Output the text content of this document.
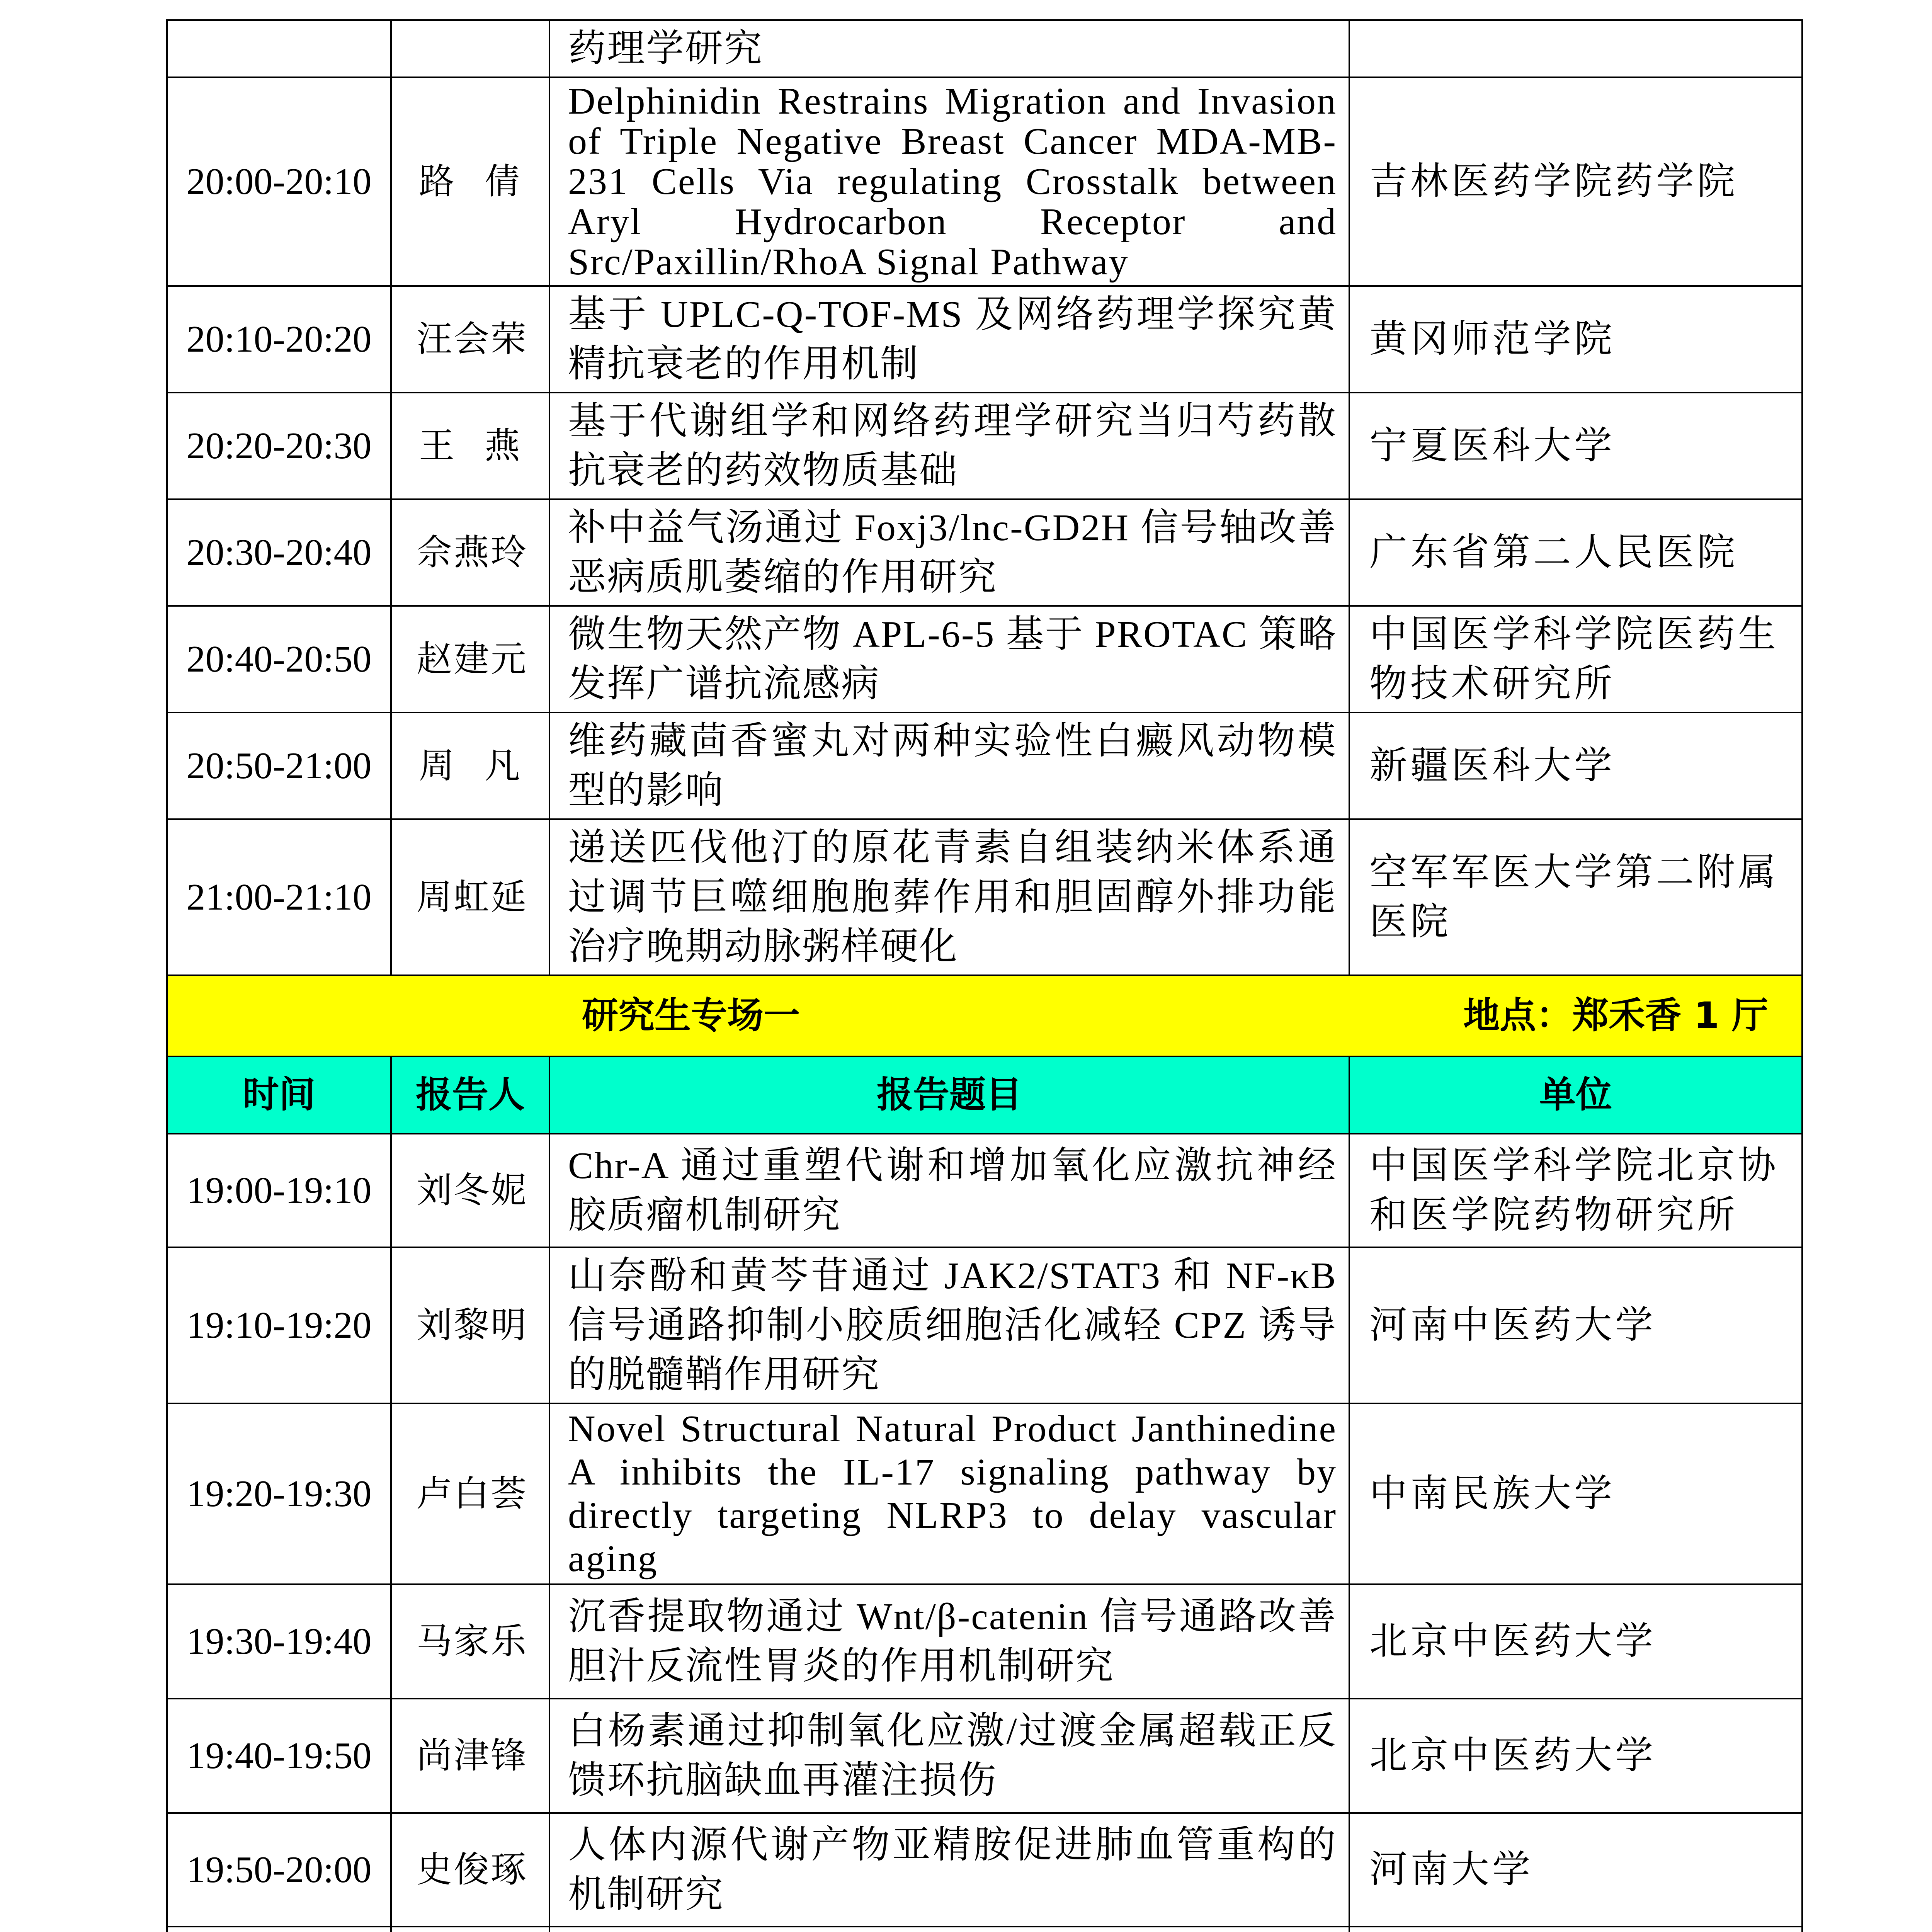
		药理学研究	
20:00-20:10	路 倩	Delphinidin Restrains Migration and Invasion of Triple Negative Breast Cancer MDA-MB-231 Cells Via regulating Crosstalk between Aryl Hydrocarbon Receptor and Src/Paxillin/RhoA Signal Pathway	吉林医药学院药学院
20:10-20:20	汪会荣	基于 UPLC-Q-TOF-MS 及网络药理学探究黄精抗衰老的作用机制	黄冈师范学院
20:20-20:30	王 燕	基于代谢组学和网络药理学研究当归芍药散抗衰老的药效物质基础	宁夏医科大学
20:30-20:40	佘燕玲	补中益气汤通过 Foxj3/lnc-GD2H 信号轴改善恶病质肌萎缩的作用研究	广东省第二人民医院
20:40-20:50	赵建元	微生物天然产物 APL-6-5 基于 PROTAC 策略发挥广谱抗流感病	中国医学科学院医药生物技术研究所
20:50-21:00	周 凡	维药藏茴香蜜丸对两种实验性白癜风动物模型的影响	新疆医科大学
21:00-21:10	周虹延	递送匹伐他汀的原花青素自组装纳米体系通过调节巨噬细胞胞葬作用和胆固醇外排功能治疗晚期动脉粥样硬化	空军军医大学第二附属医院
研究生专场一 地点：郑禾香 1 厅			

时间	报告人	报告题目	单位
19:00-19:10	刘冬妮	Chr-A 通过重塑代谢和增加氧化应激抗神经胶质瘤机制研究	中国医学科学院北京协和医学院药物研究所
19:10-19:20	刘黎明	山奈酚和黄芩苷通过 JAK2/STAT3 和 NF-κB 信号通路抑制小胶质细胞活化减轻 CPZ 诱导的脱髓鞘作用研究	河南中医药大学
19:20-19:30	卢白荟	Novel Structural Natural Product Janthinedine A inhibits the IL-17 signaling pathway by directly targeting NLRP3 to delay vascular aging	中南民族大学
19:30-19:40	马家乐	沉香提取物通过 Wnt/β-catenin 信号通路改善胆汁反流性胃炎的作用机制研究	北京中医药大学
19:40-19:50	尚津锋	白杨素通过抑制氧化应激/过渡金属超载正反馈环抗脑缺血再灌注损伤	北京中医药大学
19:50-20:00	史俊琢	人体内源代谢产物亚精胺促进肺血管重构的机制研究	河南大学
